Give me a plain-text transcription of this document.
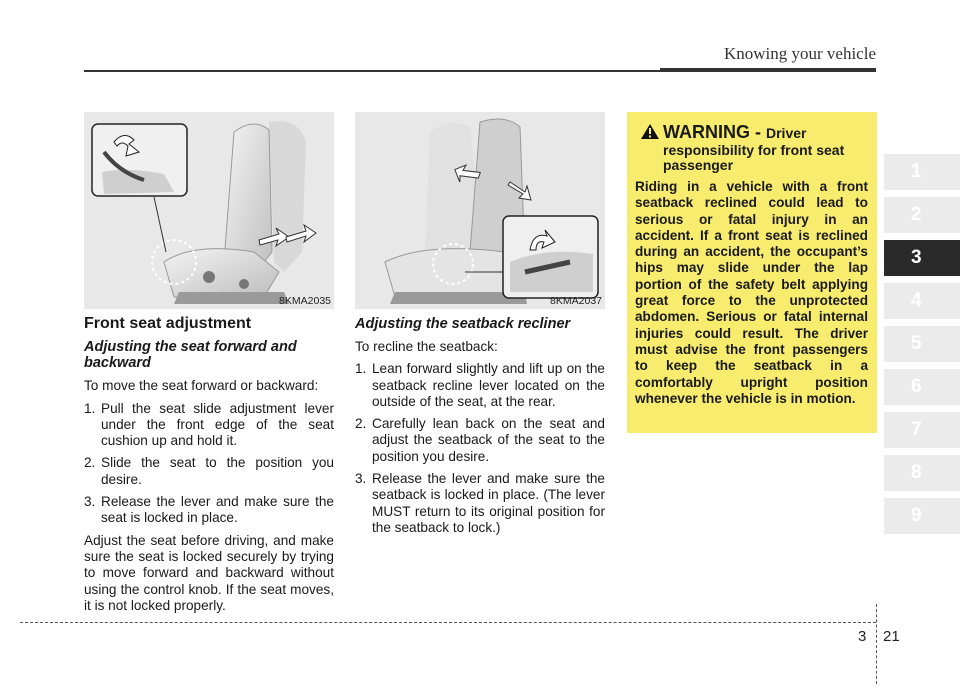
Knowing your vehicle
8KMA2035	8KMA2037
Front seat adjustment
Adjusting the seat forward and backward

To move the seat forward or backward:

1. Pull the seat slide adjustment lever under the front edge of the seat cushion up and hold it.
2. Slide the seat to the position you desire.
3. Release the lever and make sure the seat is locked in place.

Adjust the seat before driving, and make sure the seat is locked securely by trying to move forward and backward without using the control knob. If the seat moves, it is not locked properly.

Adjusting the seatback recliner

To recline the seatback:

1. Lean forward slightly and lift up on the seatback recline lever located on the outside of the seat, at the rear.
2. Carefully lean back on the seat and adjust the seatback of the seat to the position you desire.
3. Release the lever and make sure the seatback is locked in place. (The lever MUST return to its original position for the seatback to lock.)
WARNING - Driver
responsibility for front seat passenger
Riding in a vehicle with a front seatback reclined could lead to serious or fatal injury in an accident. If a front seat is reclined during an accident, the occupant’s hips may slide under the lap portion of the safety belt applying great force to the unprotected abdomen. Serious or fatal internal injuries could result. The driver must advise the front passengers to keep the seatback in a comfortably upright position whenever the vehicle is in motion.
1
2
3
4
5
6
7
8
9
3 21
